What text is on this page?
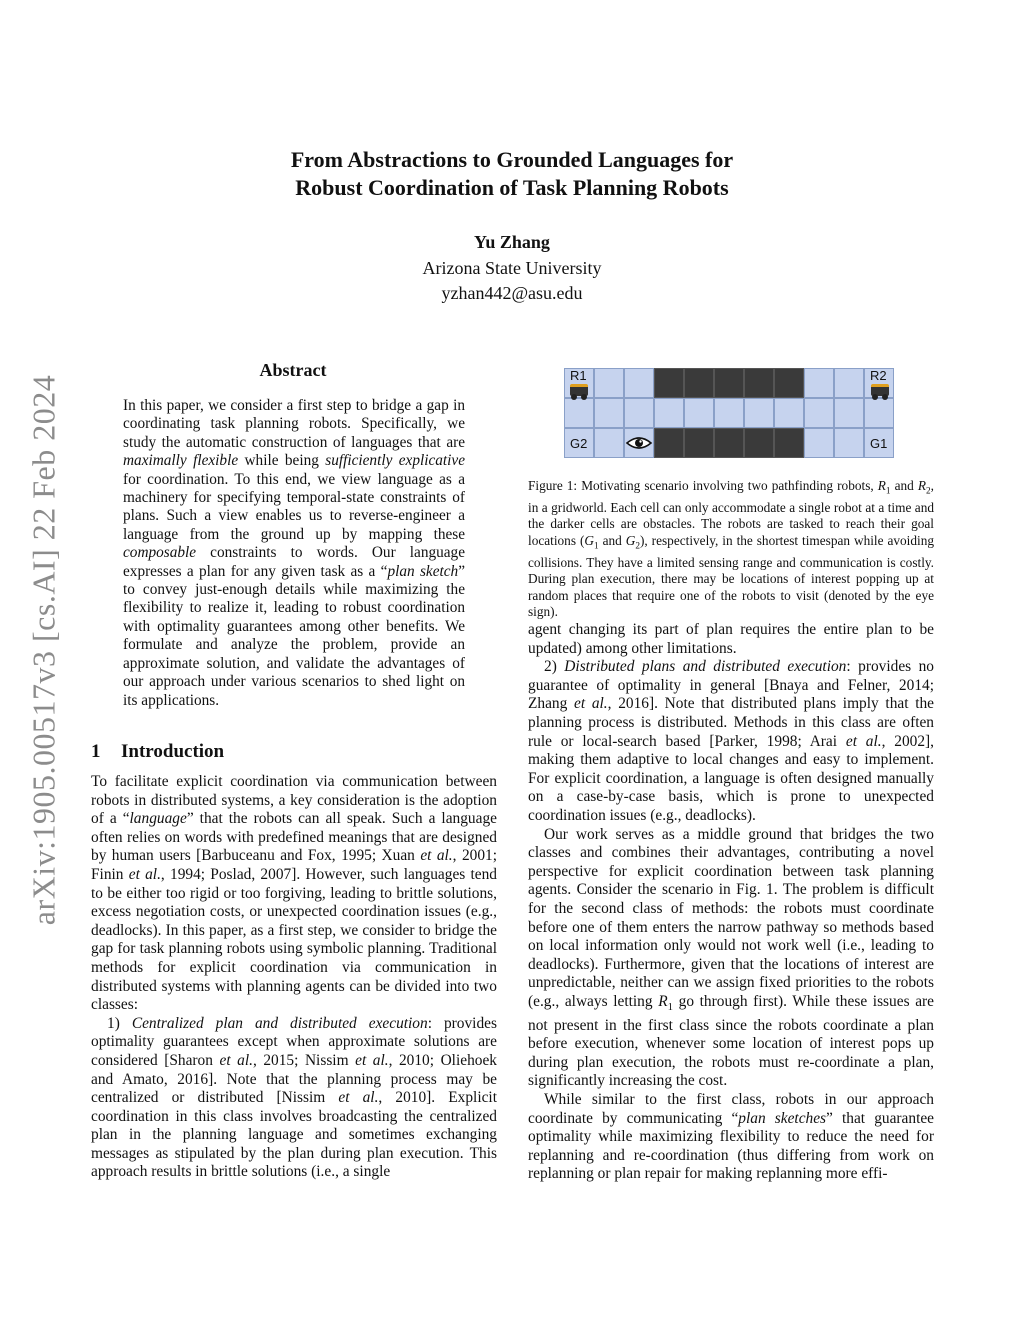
arXiv:1905.00517v3 [cs.AI] 22 Feb 2024
From Abstractions to Grounded Languages for
Robust Coordination of Task Planning Robots
Yu Zhang
Arizona State University
yzhan442@asu.edu
Abstract
In this paper, we consider a first step to bridge a gap in coordinating task planning robots. Specifically, we study the automatic construction of languages that are maximally flexible while being sufficiently explicative for coordination. To this end, we view language as a machinery for specifying temporal-state constraints of plans. Such a view enables us to reverse-engineer a language from the ground up by mapping these composable constraints to words. Our language expresses a plan for any given task as a “plan sketch” to convey just-enough details while maximizing the flexibility to realize it, leading to robust coordination with optimality guarantees among other benefits. We formulate and analyze the problem, provide an approximate solution, and validate the advantages of our approach under various scenarios to shed light on its applications.
1 Introduction

To facilitate explicit coordination via communication between robots in distributed systems, a key consideration is the adoption of a “language” that the robots can all speak. Such a language often relies on words with predefined meanings that are designed by human users [Barbuceanu and Fox, 1995; Xuan et al., 2001; Finin et al., 1994; Poslad, 2007]. However, such languages tend to be either too rigid or too forgiving, leading to brittle solutions, excess negotiation costs, or unexpected coordination issues (e.g., deadlocks). In this paper, as a first step, we consider to bridge the gap for task planning robots using symbolic planning. Traditional methods for explicit coordination via communication in distributed systems with planning agents can be divided into two classes:

1) Centralized plan and distributed execution: provides optimality guarantees except when approximate solutions are considered [Sharon et al., 2015; Nissim et al., 2010; Oliehoek and Amato, 2016]. Note that the planning process may be centralized or distributed [Nissim et al., 2010]. Explicit coordination in this class involves broadcasting the centralized plan in the planning language and sometimes exchanging messages as stipulated by the plan during plan execution. This approach results in brittle solutions (i.e., a single

R1	R2
G2	G1
Figure 1: Motivating scenario involving two pathfinding robots, $R_1$ and $R_2$, in a gridworld. Each cell can only accommodate a single robot at a time and the darker cells are obstacles. The robots are tasked to reach their goal locations ($G_1$ and $G_2$), respectively, in the shortest timespan while avoiding collisions. They have a limited sensing range and communication is costly. During plan execution, there may be locations of interest popping up at random places that require one of the robots to visit (denoted by the eye sign).

agent changing its part of plan requires the entire plan to be updated) among other limitations.

2) Distributed plans and distributed execution: provides no guarantee of optimality in general [Bnaya and Felner, 2014; Zhang et al., 2016]. Note that distributed plans imply that the planning process is distributed. Methods in this class are often rule or local-search based [Parker, 1998; Arai et al., 2002], making them adaptive to local changes and easy to implement. For explicit coordination, a language is often designed manually on a case-by-case basis, which is prone to unexpected coordination issues (e.g., deadlocks).

Our work serves as a middle ground that bridges the two classes and combines their advantages, contributing a novel perspective for explicit coordination between task planning agents. Consider the scenario in Fig. 1. The problem is difficult for the second class of methods: the robots must coordinate before one of them enters the narrow pathway so methods based on local information only would not work well (i.e., leading to deadlocks). Furthermore, given that the locations of interest are unpredictable, neither can we assign fixed priorities to the robots (e.g., always letting $R_1$ go through first). While these issues are not present in the first class since the robots coordinate a plan before execution, whenever some location of interest pops up during plan execution, the robots must re-coordinate a plan, significantly increasing the cost.

While similar to the first class, robots in our approach coordinate by communicating “plan sketches” that guarantee optimality while maximizing flexibility to reduce the need for replanning and re-coordination (thus differing from work on replanning or plan repair for making replanning more effi-
